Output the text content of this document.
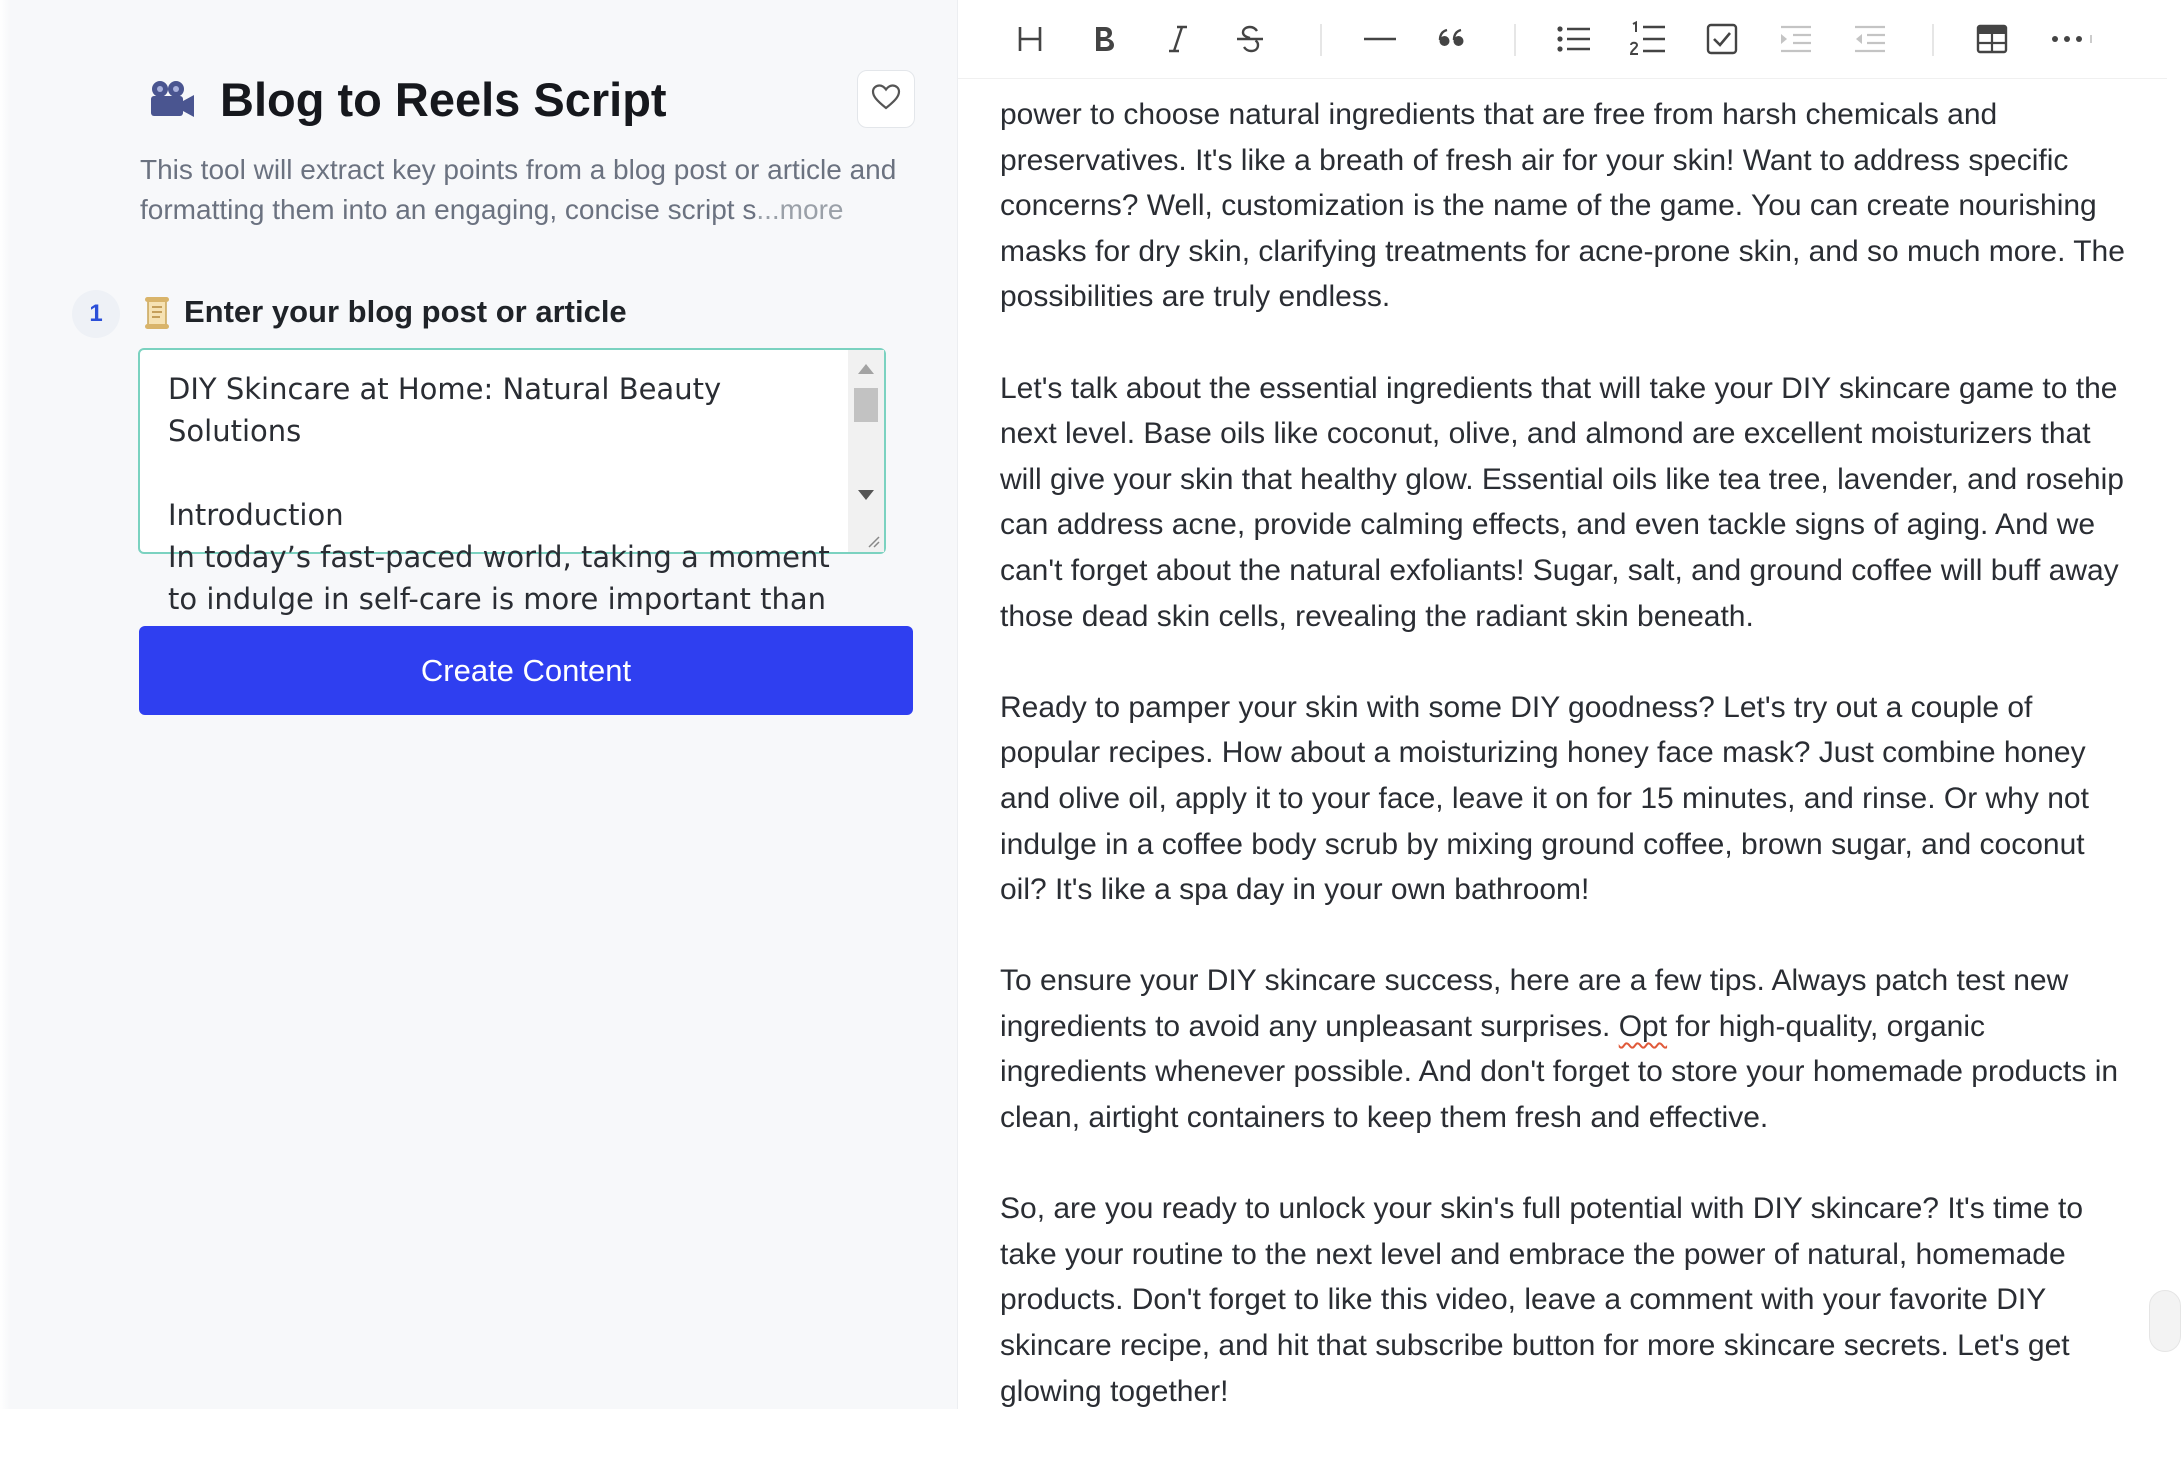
Blog to Reels Script
This tool will extract key points from a blog post or article and formatting them into an engaging, concise script s...more
1	Enter your blog post or article
DIY Skincare at Home: Natural Beauty Solutions

Introduction
In today’s fast-paced world, taking a moment to indulge in self-care is more important than
Create Content

power to choose natural ingredients that are free from harsh chemicals and preservatives. It's like a breath of fresh air for your skin! Want to address specific concerns? Well, customization is the name of the game. You can create nourishing masks for dry skin, clarifying treatments for acne-prone skin, and so much more. The possibilities are truly endless.

Let's talk about the essential ingredients that will take your DIY skincare game to the next level. Base oils like coconut, olive, and almond are excellent moisturizers that will give your skin that healthy glow. Essential oils like tea tree, lavender, and rosehip can address acne, provide calming effects, and even tackle signs of aging. And we can't forget about the natural exfoliants! Sugar, salt, and ground coffee will buff away those dead skin cells, revealing the radiant skin beneath.

Ready to pamper your skin with some DIY goodness? Let's try out a couple of popular recipes. How about a moisturizing honey face mask? Just combine honey and olive oil, apply it to your face, leave it on for 15 minutes, and rinse. Or why not indulge in a coffee body scrub by mixing ground coffee, brown sugar, and coconut oil? It's like a spa day in your own bathroom!

To ensure your DIY skincare success, here are a few tips. Always patch test new ingredients to avoid any unpleasant surprises. Opt for high-quality, organic ingredients whenever possible. And don't forget to store your homemade products in clean, airtight containers to keep them fresh and effective.

So, are you ready to unlock your skin's full potential with DIY skincare? It's time to take your routine to the next level and embrace the power of natural, homemade products. Don't forget to like this video, leave a comment with your favorite DIY skincare recipe, and hit that subscribe button for more skincare secrets. Let's get glowing together!
